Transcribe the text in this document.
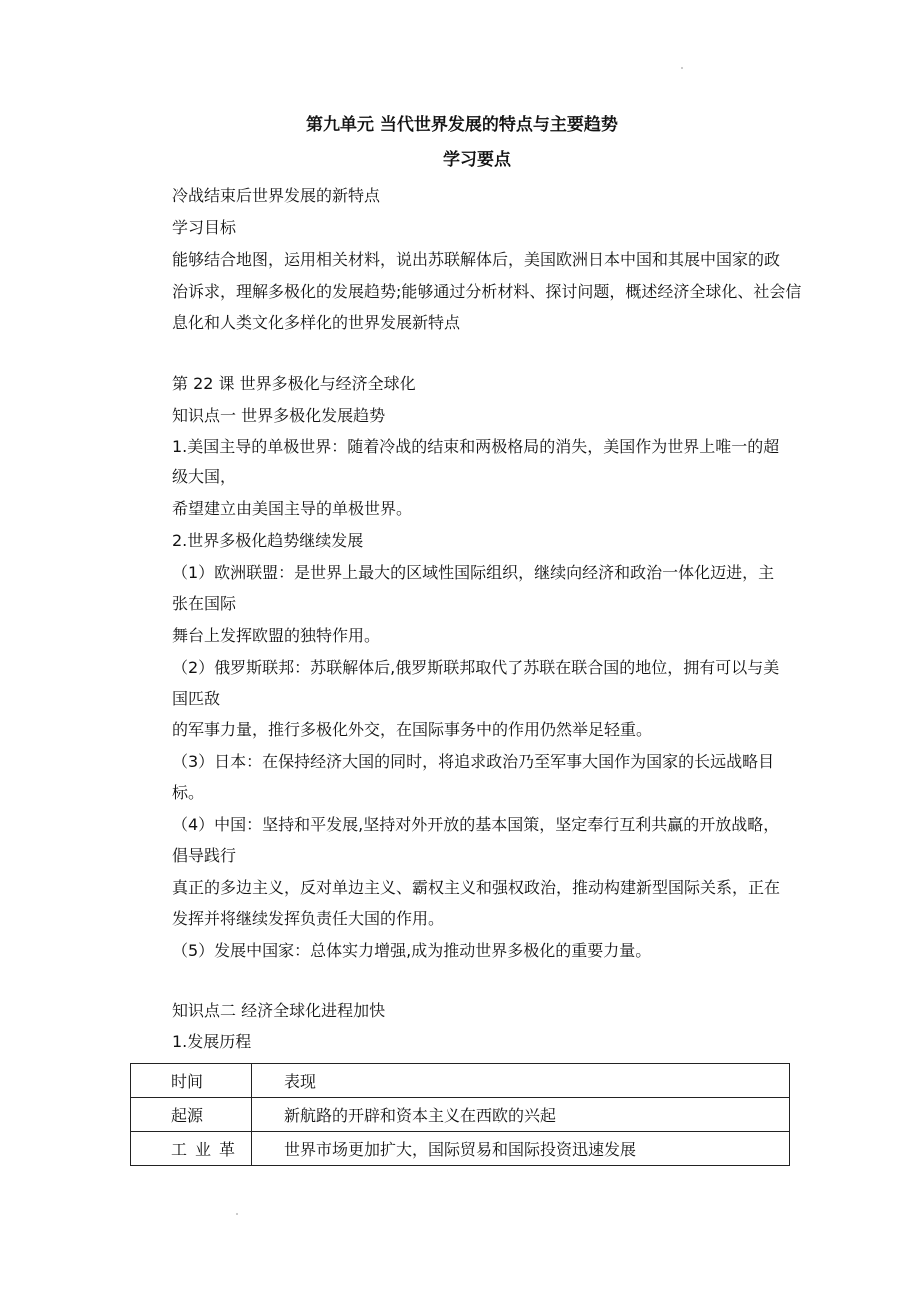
第九单元 当代世界发展的特点与主要趋势
学习要点
冷战结束后世界发展的新特点
学习目标
能够结合地图，运用相关材料，说出苏联解体后，美国欧洲日本中国和其展中国家的政
治诉求，理解多极化的发展趋势;能够通过分析材料、探讨问题，概述经济全球化、社会信
息化和人类文化多样化的世界发展新特点
第 22 课 世界多极化与经济全球化
知识点一 世界多极化发展趋势
1.美国主导的单极世界：随着冷战的结束和两极格局的消失，美国作为世界上唯一的超
级大国，
希望建立由美国主导的单极世界。
2.世界多极化趋势继续发展
（1）欧洲联盟：是世界上最大的区域性国际组织，继续向经济和政治一体化迈进，主
张在国际
舞台上发挥欧盟的独特作用。
（2）俄罗斯联邦：苏联解体后,俄罗斯联邦取代了苏联在联合国的地位，拥有可以与美
国匹敌
的军事力量，推行多极化外交，在国际事务中的作用仍然举足轻重。
（3）日本：在保持经济大国的同时，将追求政治乃至军事大国作为国家的长远战略目
标。
（4）中国：坚持和平发展,坚持对外开放的基本国策，坚定奉行互利共赢的开放战略，
倡导践行
真正的多边主义，反对单边主义、霸权主义和强权政治，推动构建新型国际关系，正在
发挥并将继续发挥负责任大国的作用。
（5）发展中国家：总体实力增强,成为推动世界多极化的重要力量。
知识点二 经济全球化进程加快
1.发展历程
时间	表现
起源	新航路的开辟和资本主义在西欧的兴起
工业革	世界市场更加扩大，国际贸易和国际投资迅速发展
